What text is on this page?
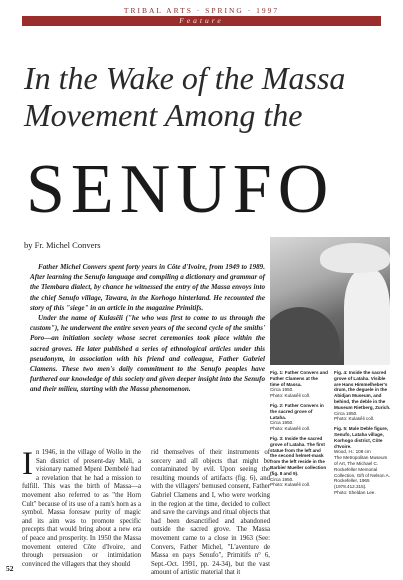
TRIBAL ARTS · SPRING · 1997
Feature
In the Wake of the Massa
Movement Among the
SENUFO
by Fr. Michel Convers

Father Michel Convers spent forty years in Côte d'Ivoire, from 1949 to 1989. After learning the Senufo language and compiling a dictionary and grammar of the Tiembara dialect, by chance he witnessed the entry of the Massa envoys into the chief Senufo village, Tawara, in the Korhogo hinterland. He recounted the story of this "siege" in an article in the magazine Primitifs.

Under the name of Kulasêli ("he who was first to come to us through the custom"), he underwent the entire seven years of the second cycle of the smiths' Poro—an initiation society whose secret ceremonies took place within the sacred groves. He later published a series of ethnological articles under this pseudonym, in association with his friend and colleague, Father Gabriel Clamens. These two men's daily commitment to the Senufo peoples have furthered our knowledge of this society and given deeper insight into the Senufo and their milieu, starting with the Massa phenomenon.

In 1946, in the village of Wollo in the San district of present-day Mali, a visionary named Mpeni Dembelé had a revelation that he had a mission to fulfill. This was the birth of Massa—a movement also referred to as "the Horn Cult" because of its use of a ram's horn as a symbol. Massa foresaw purity of magic and its aim was to promote specific precepts that would bring about a new era of peace and prosperity. In 1950 the Massa movement entered Côte d'Ivoire, and through persuasion or intimidation convinced the villagers that they should

rid themselves of their instruments of sorcery and all objects that might be contaminated by evil. Upon seeing the resulting mounds of artifacts (fig. 6), and with the villagers' bemused consent, Father Gabriel Clamens and I, who were working in the region at the time, decided to collect and save the carvings and ritual objects that had been desanctified and abandoned outside the sacred grove. The Massa movement came to a close in 1963 (See: Convers, Father Michel, "L'aventure de Massa en pays Senufo", Primitifs n° 6, Sept.-Oct. 1991, pp. 24-34), but the vast amount of artistic material that it

52
Fig. 1: Father Convers and Father Clamens at the time of Massa.
Circa 1950.
Photo: Kulasêli coll.
Fig. 2: Father Convers in the sacred grove of Lataha.
Circa 1950.
Photo: Kulasêli coll.
Fig. 3: Inside the sacred grove of Lataha. The first statue from the left and the second helmet-mask from the left reside in the Barbier Mueller collection (fig. 8 and 9).
Circa 1950.
Photo: Kulasêli coll.
Fig. 4: Inside the sacred grove of Lataha. Visible are Hans Himmelheber's drum, the deguele in the Abidjan Museum, and behind, the deble in the Museum Rietberg, Zurich.
Circa 1950.
Photo: Kulasêli coll.
Fig. 5: Male Deble figure, Senufo, Lataha village, Korhogo district, Côte d'Ivoire.
Wood, H.: 108 cm
The Metropolitan Museum of Art, The Michael C. Rockefeller Memorial Collection, Gift of Nelson A. Rockefeller, 1965 (1978.412.315).
Photo: Sheldan Lee.
